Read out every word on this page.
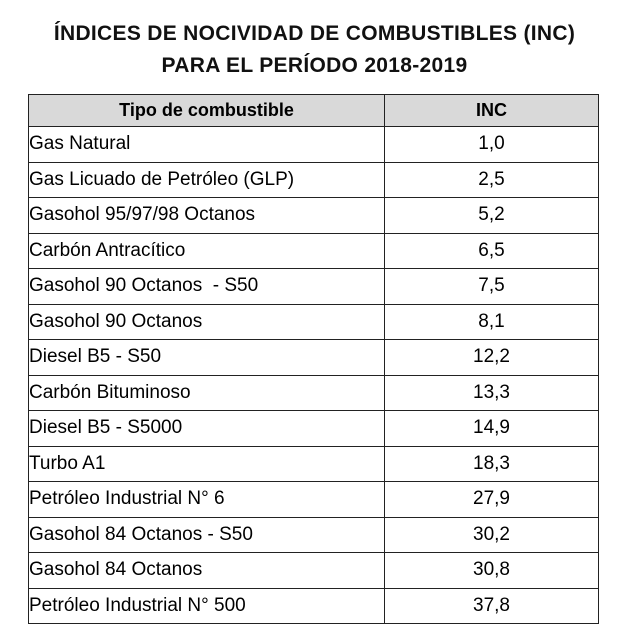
ÍNDICES DE NOCIVIDAD DE COMBUSTIBLES (INC)
PARA EL PERÍODO 2018-2019
Tipo de combustible	INC
Gas Natural	1,0
Gas Licuado de Petróleo (GLP)	2,5
Gasohol 95/97/98 Octanos	5,2
Carbón Antracítico	6,5
Gasohol 90 Octanos  - S50	7,5
Gasohol 90 Octanos	8,1
Diesel B5 - S50	12,2
Carbón Bituminoso	13,3
Diesel B5 - S5000	14,9
Turbo A1	18,3
Petróleo Industrial N° 6	27,9
Gasohol 84 Octanos - S50	30,2
Gasohol 84 Octanos	30,8
Petróleo Industrial N° 500	37,8
